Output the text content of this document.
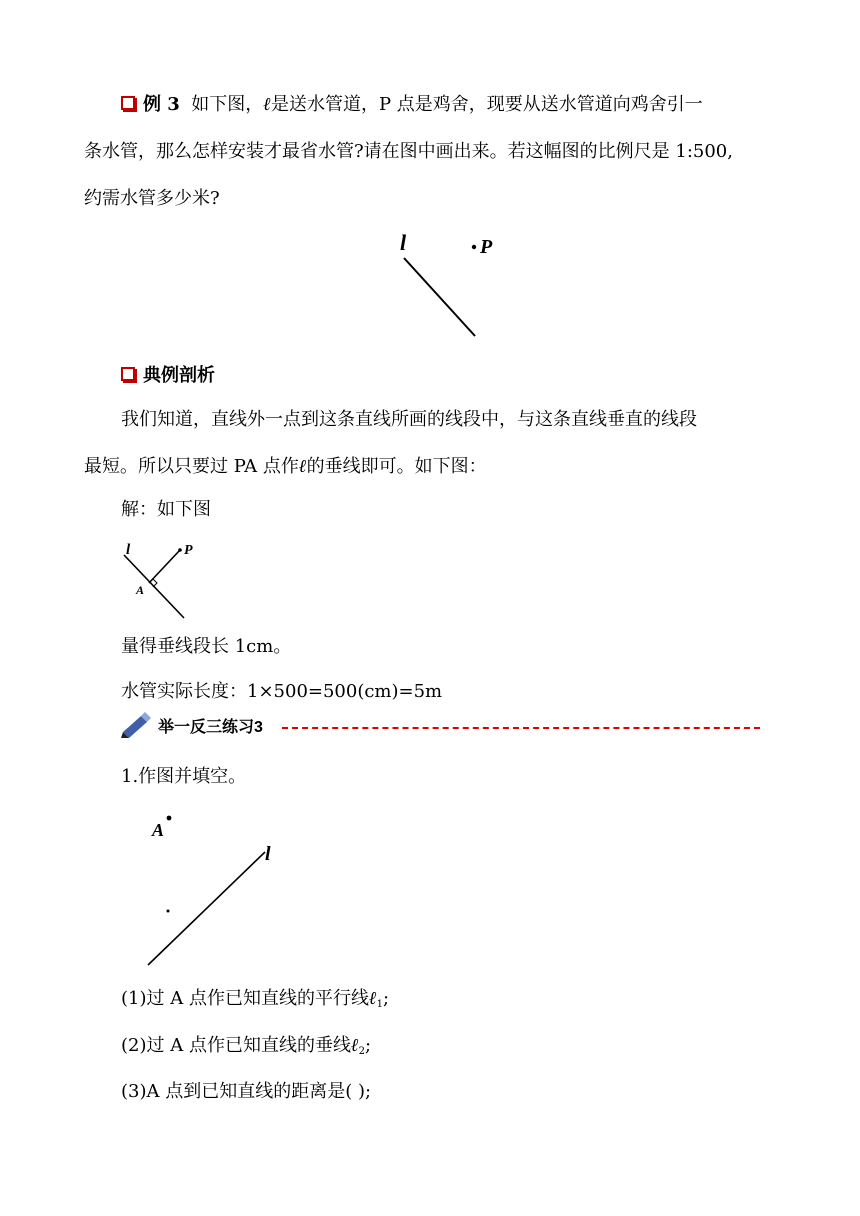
例 3 如下图，ℓ是送水管道，P 点是鸡舍，现要从送水管道向鸡舍引一
条水管，那么怎样安装才最省水管?请在图中画出来。若这幅图的比例尺是 1:500,
约需水管多少米?
l	P
典例剖析
我们知道，直线外一点到这条直线所画的线段中，与这条直线垂直的线段
最短。所以只要过 PA 点作ℓ的垂线即可。如下图：
解：如下图
l	P
A
量得垂线段长 1cm。
水管实际长度：1×500=500(cm)=5m
举一反三练习3
1.作图并填空。
A
l
(1)过 A 点作已知直线的平行线ℓ$_1$;
(2)过 A 点作已知直线的垂线ℓ$_2$;
(3)A 点到已知直线的距离是( );
